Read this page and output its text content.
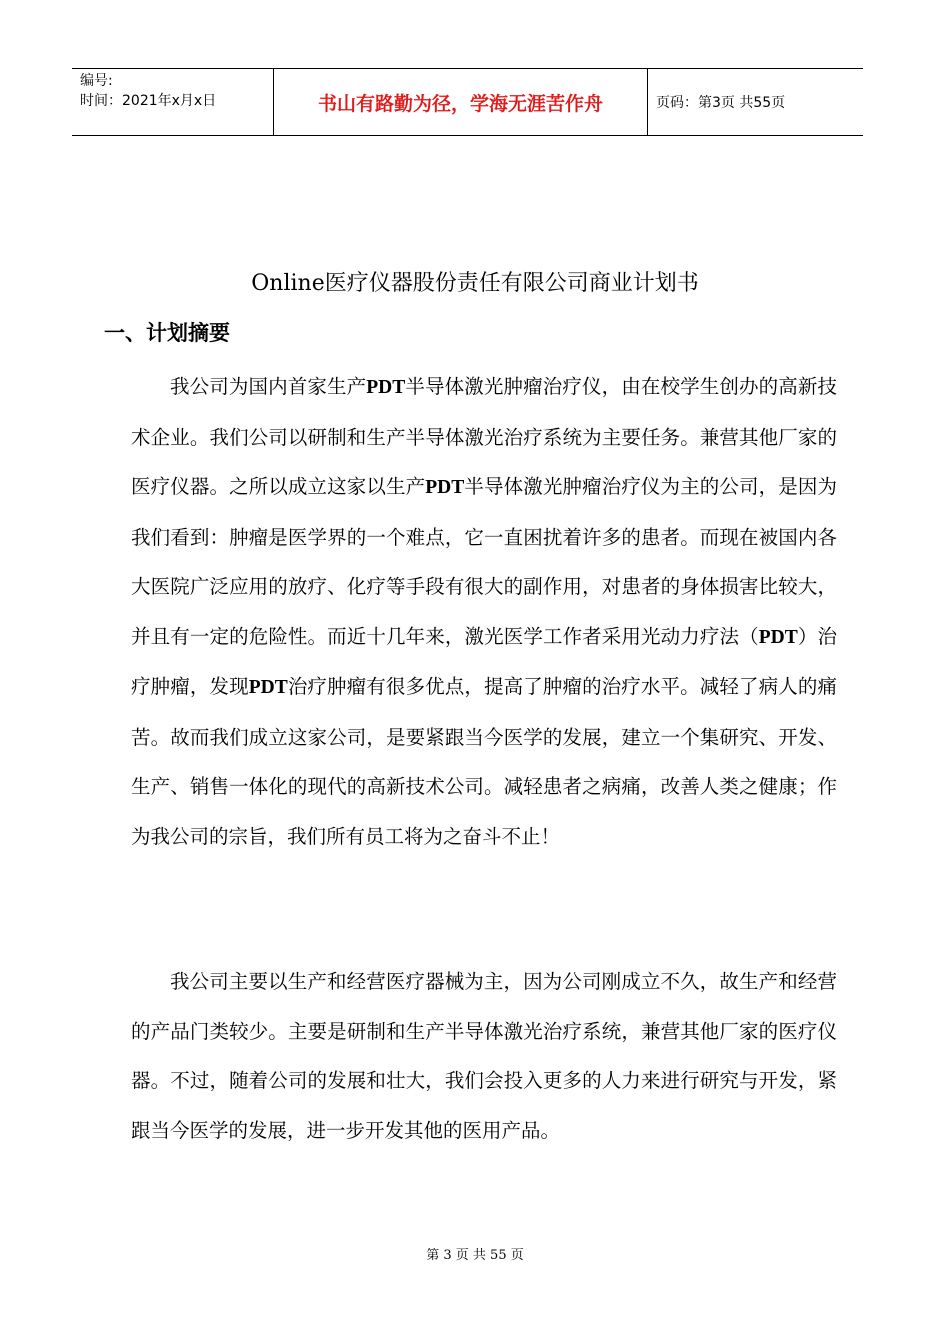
编号:
时间：2021年x月x日	书山有路勤为径，学海无涯苦作舟	页码：第3页 共55页
Online医疗仪器股份责任有限公司商业计划书
一、计划摘要

我公司为国内首家生产PDT半导体激光肿瘤治疗仪，由在校学生创办的高新技术企业。我们公司以研制和生产半导体激光治疗系统为主要任务。兼营其他厂家的医疗仪器。之所以成立这家以生产PDT半导体激光肿瘤治疗仪为主的公司，是因为我们看到：肿瘤是医学界的一个难点，它一直困扰着许多的患者。而现在被国内各大医院广泛应用的放疗、化疗等手段有很大的副作用，对患者的身体损害比较大，并且有一定的危险性。而近十几年来，激光医学工作者采用光动力疗法（PDT）治疗肿瘤，发现PDT治疗肿瘤有很多优点，提高了肿瘤的治疗水平。减轻了病人的痛苦。故而我们成立这家公司，是要紧跟当今医学的发展，建立一个集研究、开发、生产、销售一体化的现代的高新技术公司。减轻患者之病痛，改善人类之健康；作为我公司的宗旨，我们所有员工将为之奋斗不止！

我公司主要以生产和经营医疗器械为主，因为公司刚成立不久，故生产和经营的产品门类较少。主要是研制和生产半导体激光治疗系统，兼营其他厂家的医疗仪器。不过，随着公司的发展和壮大，我们会投入更多的人力来进行研究与开发，紧跟当今医学的发展，进一步开发其他的医用产品。

第 3 页 共 55 页
